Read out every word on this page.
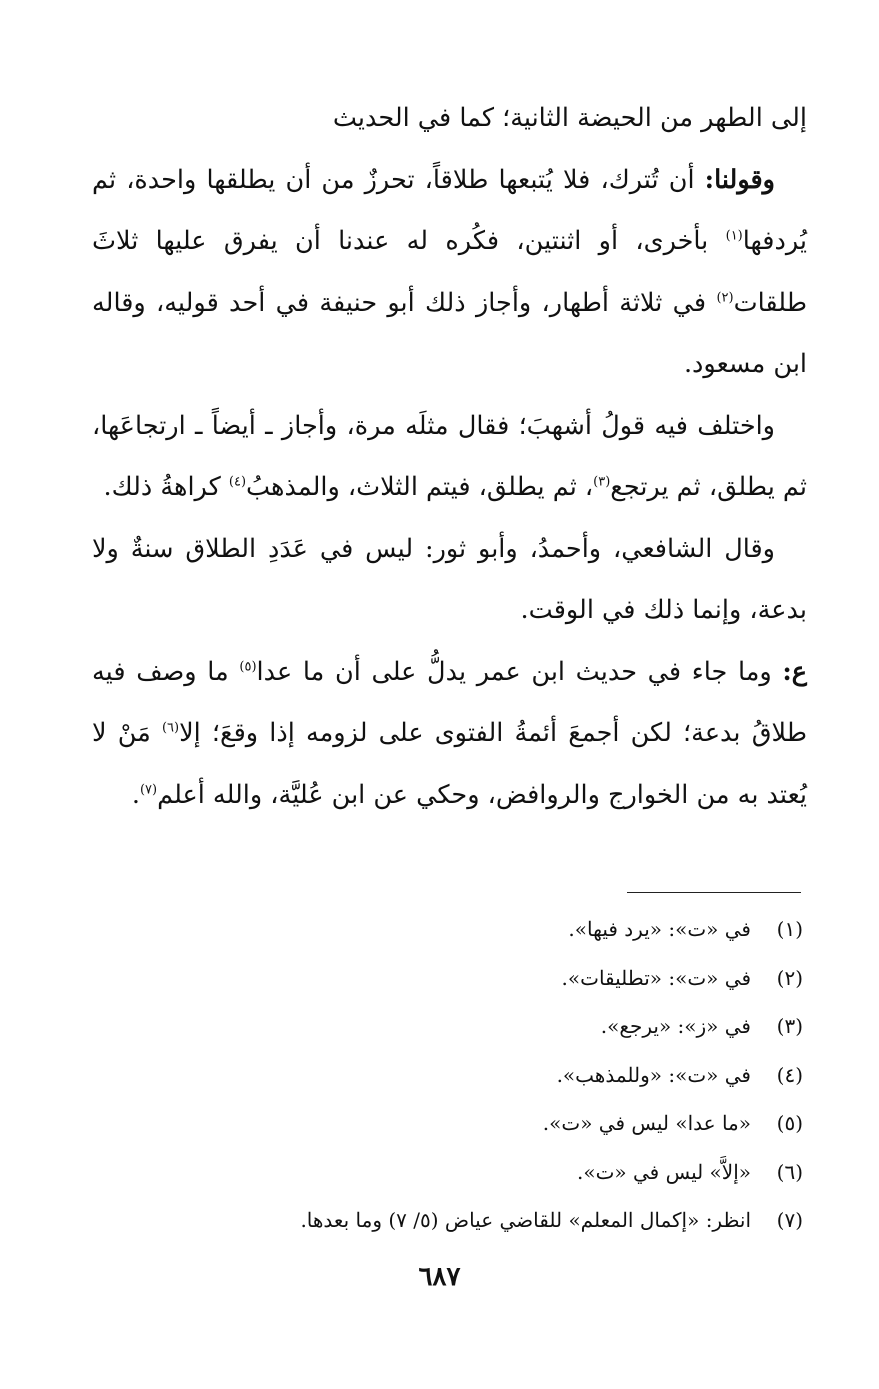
إلى الطهر من الحيضة الثانية؛ كما في الحديث

وقولنا: أن تُترك، فلا يُتبعها طلاقاً، تحرزٌ من أن يطلقها واحدة، ثم يُردفها$^{(١)}$ بأخرى، أو اثنتين، فكُره له عندنا أن يفرق عليها ثلاثَ طلقات$^{(٢)}$ في ثلاثة أطهار، وأجاز ذلك أبو حنيفة في أحد قوليه، وقاله ابن مسعود.

واختلف فيه قولُ أشهبَ؛ فقال مثلَه مرة، وأجاز ـ أيضاً ـ ارتجاعَها، ثم يطلق، ثم يرتجع$^{(٣)}$، ثم يطلق، فيتم الثلاث، والمذهبُ$^{(٤)}$ كراهةُ ذلك.

وقال الشافعي، وأحمدُ، وأبو ثور: ليس في عَدَدِ الطلاق سنةٌ ولا بدعة، وإنما ذلك في الوقت.

ع: وما جاء في حديث ابن عمر يدلُّ على أن ما عدا$^{(٥)}$ ما وصف فيه طلاقُ بدعة؛ لكن أجمعَ أئمةُ الفتوى على لزومه إذا وقعَ؛ إلا$^{(٦)}$ مَنْ لا يُعتد به من الخوارج والروافض، وحكي عن ابن عُليَّة، والله أعلم$^{(٧)}$.

(١)في «ت»: «يرد فيها».
(٢)في «ت»: «تطليقات».
(٣)في «ز»: «يرجع».
(٤)في «ت»: «وللمذهب».
(٥)«ما عدا» ليس في «ت».
(٦)«إلاَّ» ليس في «ت».
(٧)انظر: «إكمال المعلم» للقاضي عياض (٥/ ٧) وما بعدها.
٦٨٧
